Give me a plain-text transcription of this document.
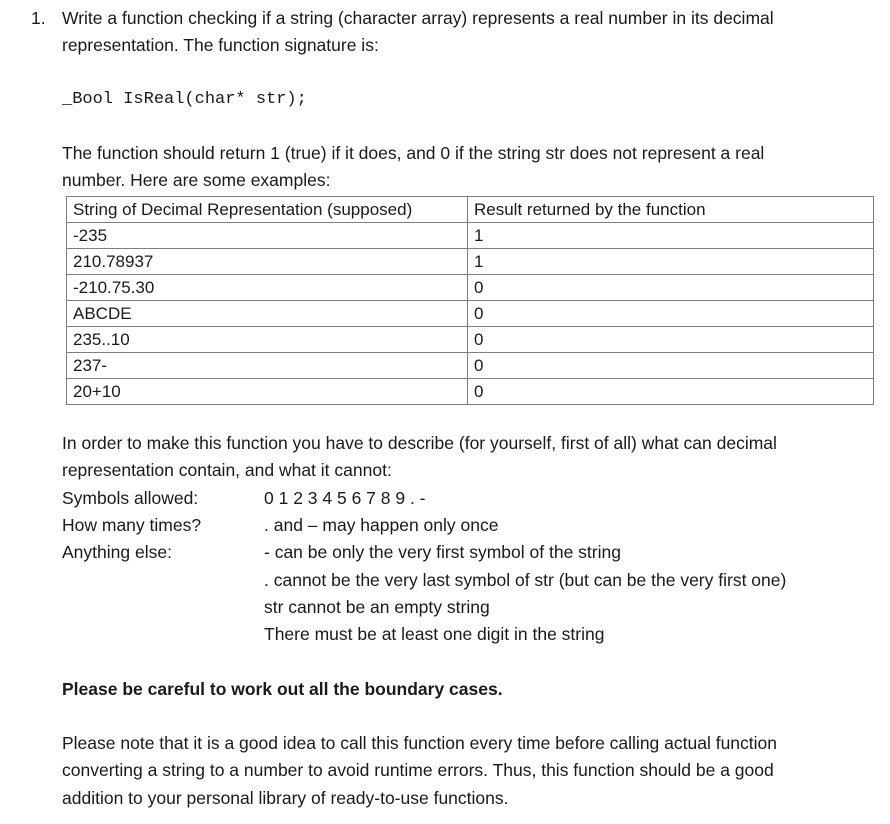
1. Write a function checking if a string (character array) represents a real number in its decimal
representation. The function signature is:
_Bool IsReal(char* str);
The function should return 1 (true) if it does, and 0 if the string str does not represent a real
number. Here are some examples:
String of Decimal Representation (supposed)	Result returned by the function
-235	1
210.78937	1
-210.75.30	0
ABCDE	0
235..10	0
237-	0
20+10	0
In order to make this function you have to describe (for yourself, first of all) what can decimal
representation contain, and what it cannot:
Symbols allowed:	0 1 2 3 4 5 6 7 8 9 . -
How many times?	. and – may happen only once
Anything else:	- can be only the very first symbol of the string
. cannot be the very last symbol of str (but can be the very first one)
str cannot be an empty string
There must be at least one digit in the string
Please be careful to work out all the boundary cases.
Please note that it is a good idea to call this function every time before calling actual function
converting a string to a number to avoid runtime errors. Thus, this function should be a good
addition to your personal library of ready-to-use functions.
